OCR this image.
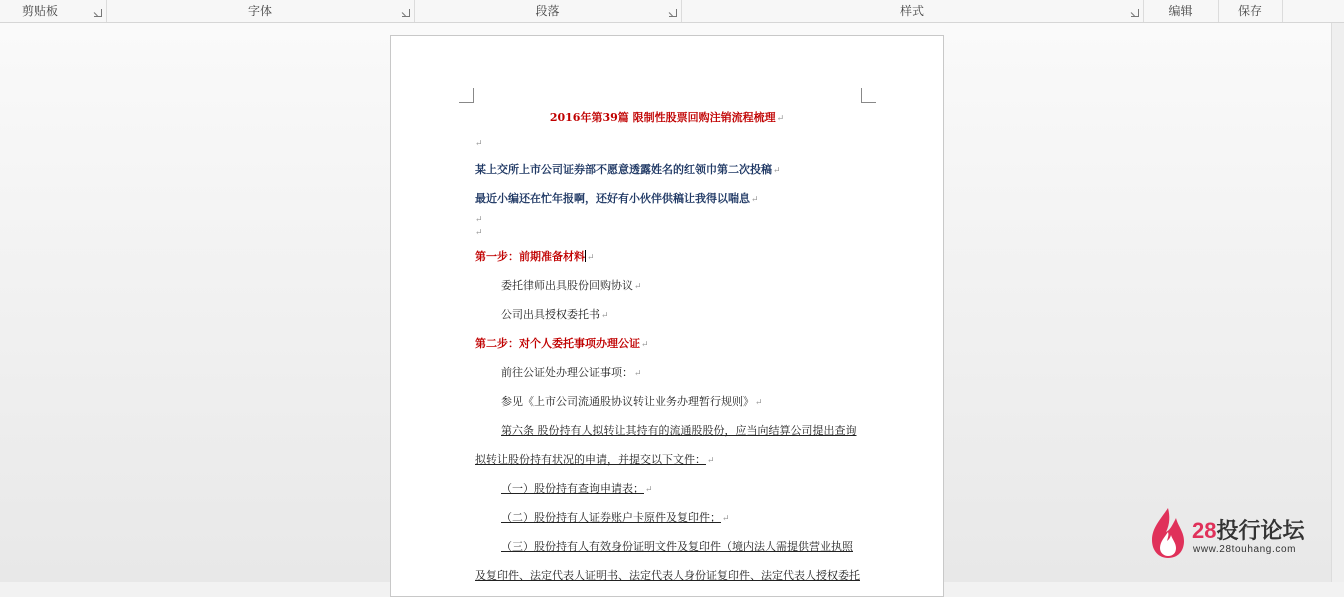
剪贴板	字体	段落	样式	编辑	保存
2016年第39篇 限制性股票回购注销流程梳理↵
↵
某上交所上市公司证券部不愿意透露姓名的红领巾第二次投稿↵
最近小编还在忙年报啊，还好有小伙伴供稿让我得以喘息↵
↵
↵
第一步：前期准备材料 ↵
委托律师出具股份回购协议↵
公司出具授权委托书↵
第二步：对个人委托事项办理公证↵
前往公证处办理公证事项：↵
参见《上市公司流通股协议转让业务办理暂行规则》↵
第六条 股份持有人拟转让其持有的流通股股份，应当向结算公司提出查询
拟转让股份持有状况的申请，并提交以下文件：↵
（一）股份持有查询申请表；↵
（二）股份持有人证券账户卡原件及复印件；↵
（三）股份持有人有效身份证明文件及复印件（境内法人需提供营业执照
及复印件、法定代表人证明书、法定代表人身份证复印件、法定代表人授权委托
28投行论坛
www.28touhang.com
